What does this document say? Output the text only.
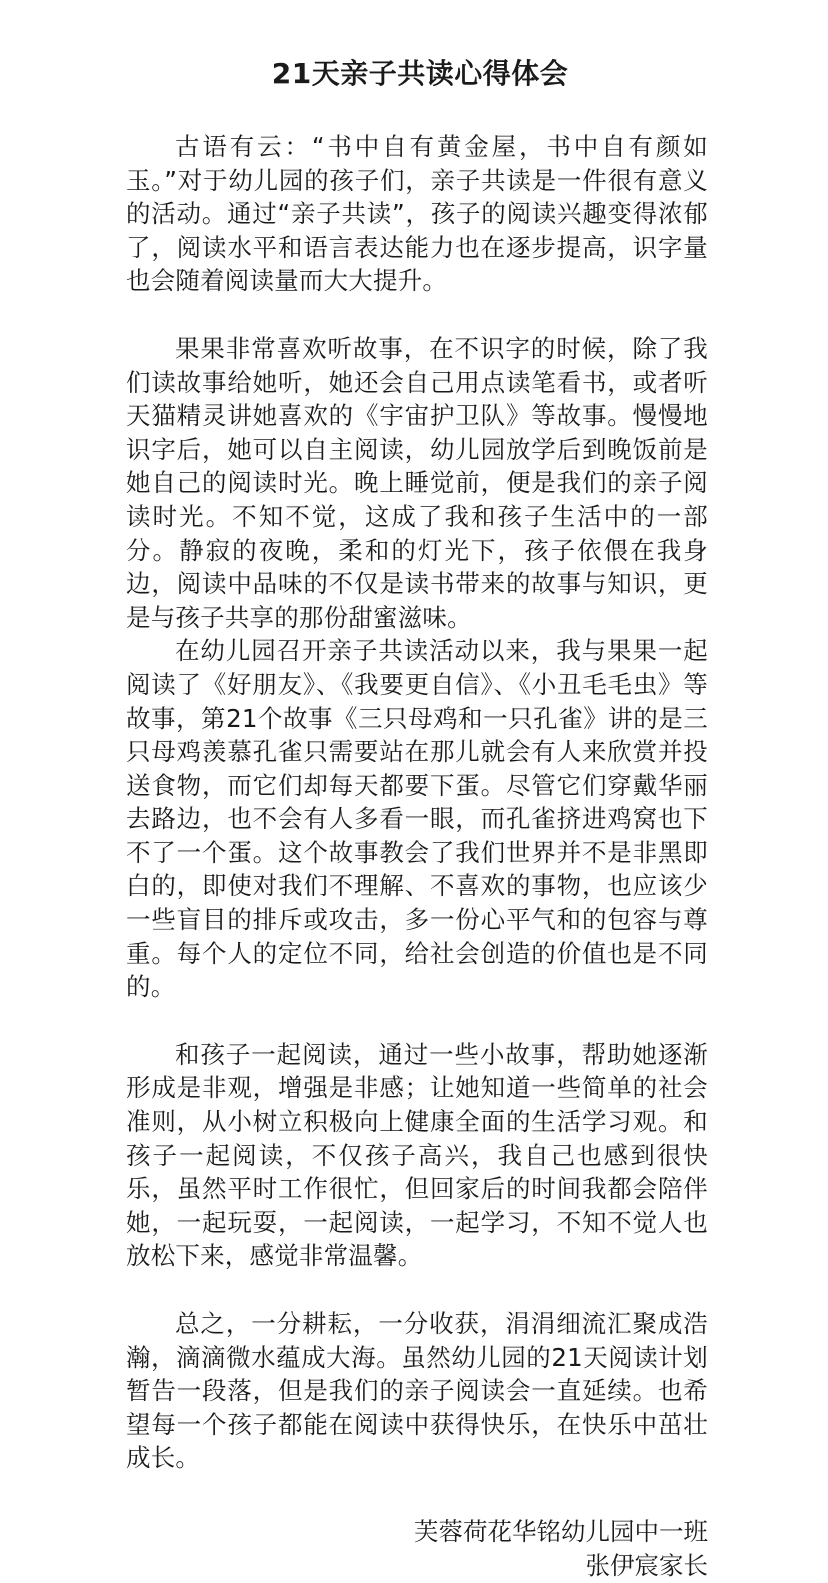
21天亲子共读心得体会

古语有云：“书中自有黄金屋，书中自有颜如玉。”对于幼儿园的孩子们，亲子共读是一件很有意义的活动。通过“亲子共读”，孩子的阅读兴趣变得浓郁了，阅读水平和语言表达能力也在逐步提高，识字量也会随着阅读量而大大提升。

果果非常喜欢听故事，在不识字的时候，除了我们读故事给她听，她还会自己用点读笔看书，或者听天猫精灵讲她喜欢的《宇宙护卫队》等故事。慢慢地识字后，她可以自主阅读，幼儿园放学后到晚饭前是她自己的阅读时光。晚上睡觉前，便是我们的亲子阅读时光。不知不觉，这成了我和孩子生活中的一部分。静寂的夜晚，柔和的灯光下，孩子依偎在我身边，阅读中品味的不仅是读书带来的故事与知识，更是与孩子共享的那份甜蜜滋味。

在幼儿园召开亲子共读活动以来，我与果果一起阅读了《好朋友》、《我要更自信》、《小丑毛毛虫》等故事，第21个故事《三只母鸡和一只孔雀》讲的是三只母鸡羡慕孔雀只需要站在那儿就会有人来欣赏并投送食物，而它们却每天都要下蛋。尽管它们穿戴华丽去路边，也不会有人多看一眼，而孔雀挤进鸡窝也下不了一个蛋。这个故事教会了我们世界并不是非黑即白的，即使对我们不理解、不喜欢的事物，也应该少一些盲目的排斥或攻击，多一份心平气和的包容与尊重。每个人的定位不同，给社会创造的价值也是不同的。

和孩子一起阅读，通过一些小故事，帮助她逐渐形成是非观，增强是非感；让她知道一些简单的社会准则，从小树立积极向上健康全面的生活学习观。和孩子一起阅读，不仅孩子高兴，我自己也感到很快乐，虽然平时工作很忙，但回家后的时间我都会陪伴她，一起玩耍，一起阅读，一起学习，不知不觉人也放松下来，感觉非常温馨。

总之，一分耕耘，一分收获，涓涓细流汇聚成浩瀚，滴滴微水蕴成大海。虽然幼儿园的21天阅读计划暂告一段落，但是我们的亲子阅读会一直延续。也希望每一个孩子都能在阅读中获得快乐，在快乐中茁壮成长。

芙蓉荷花华铭幼儿园中一班
张伊宸家长
